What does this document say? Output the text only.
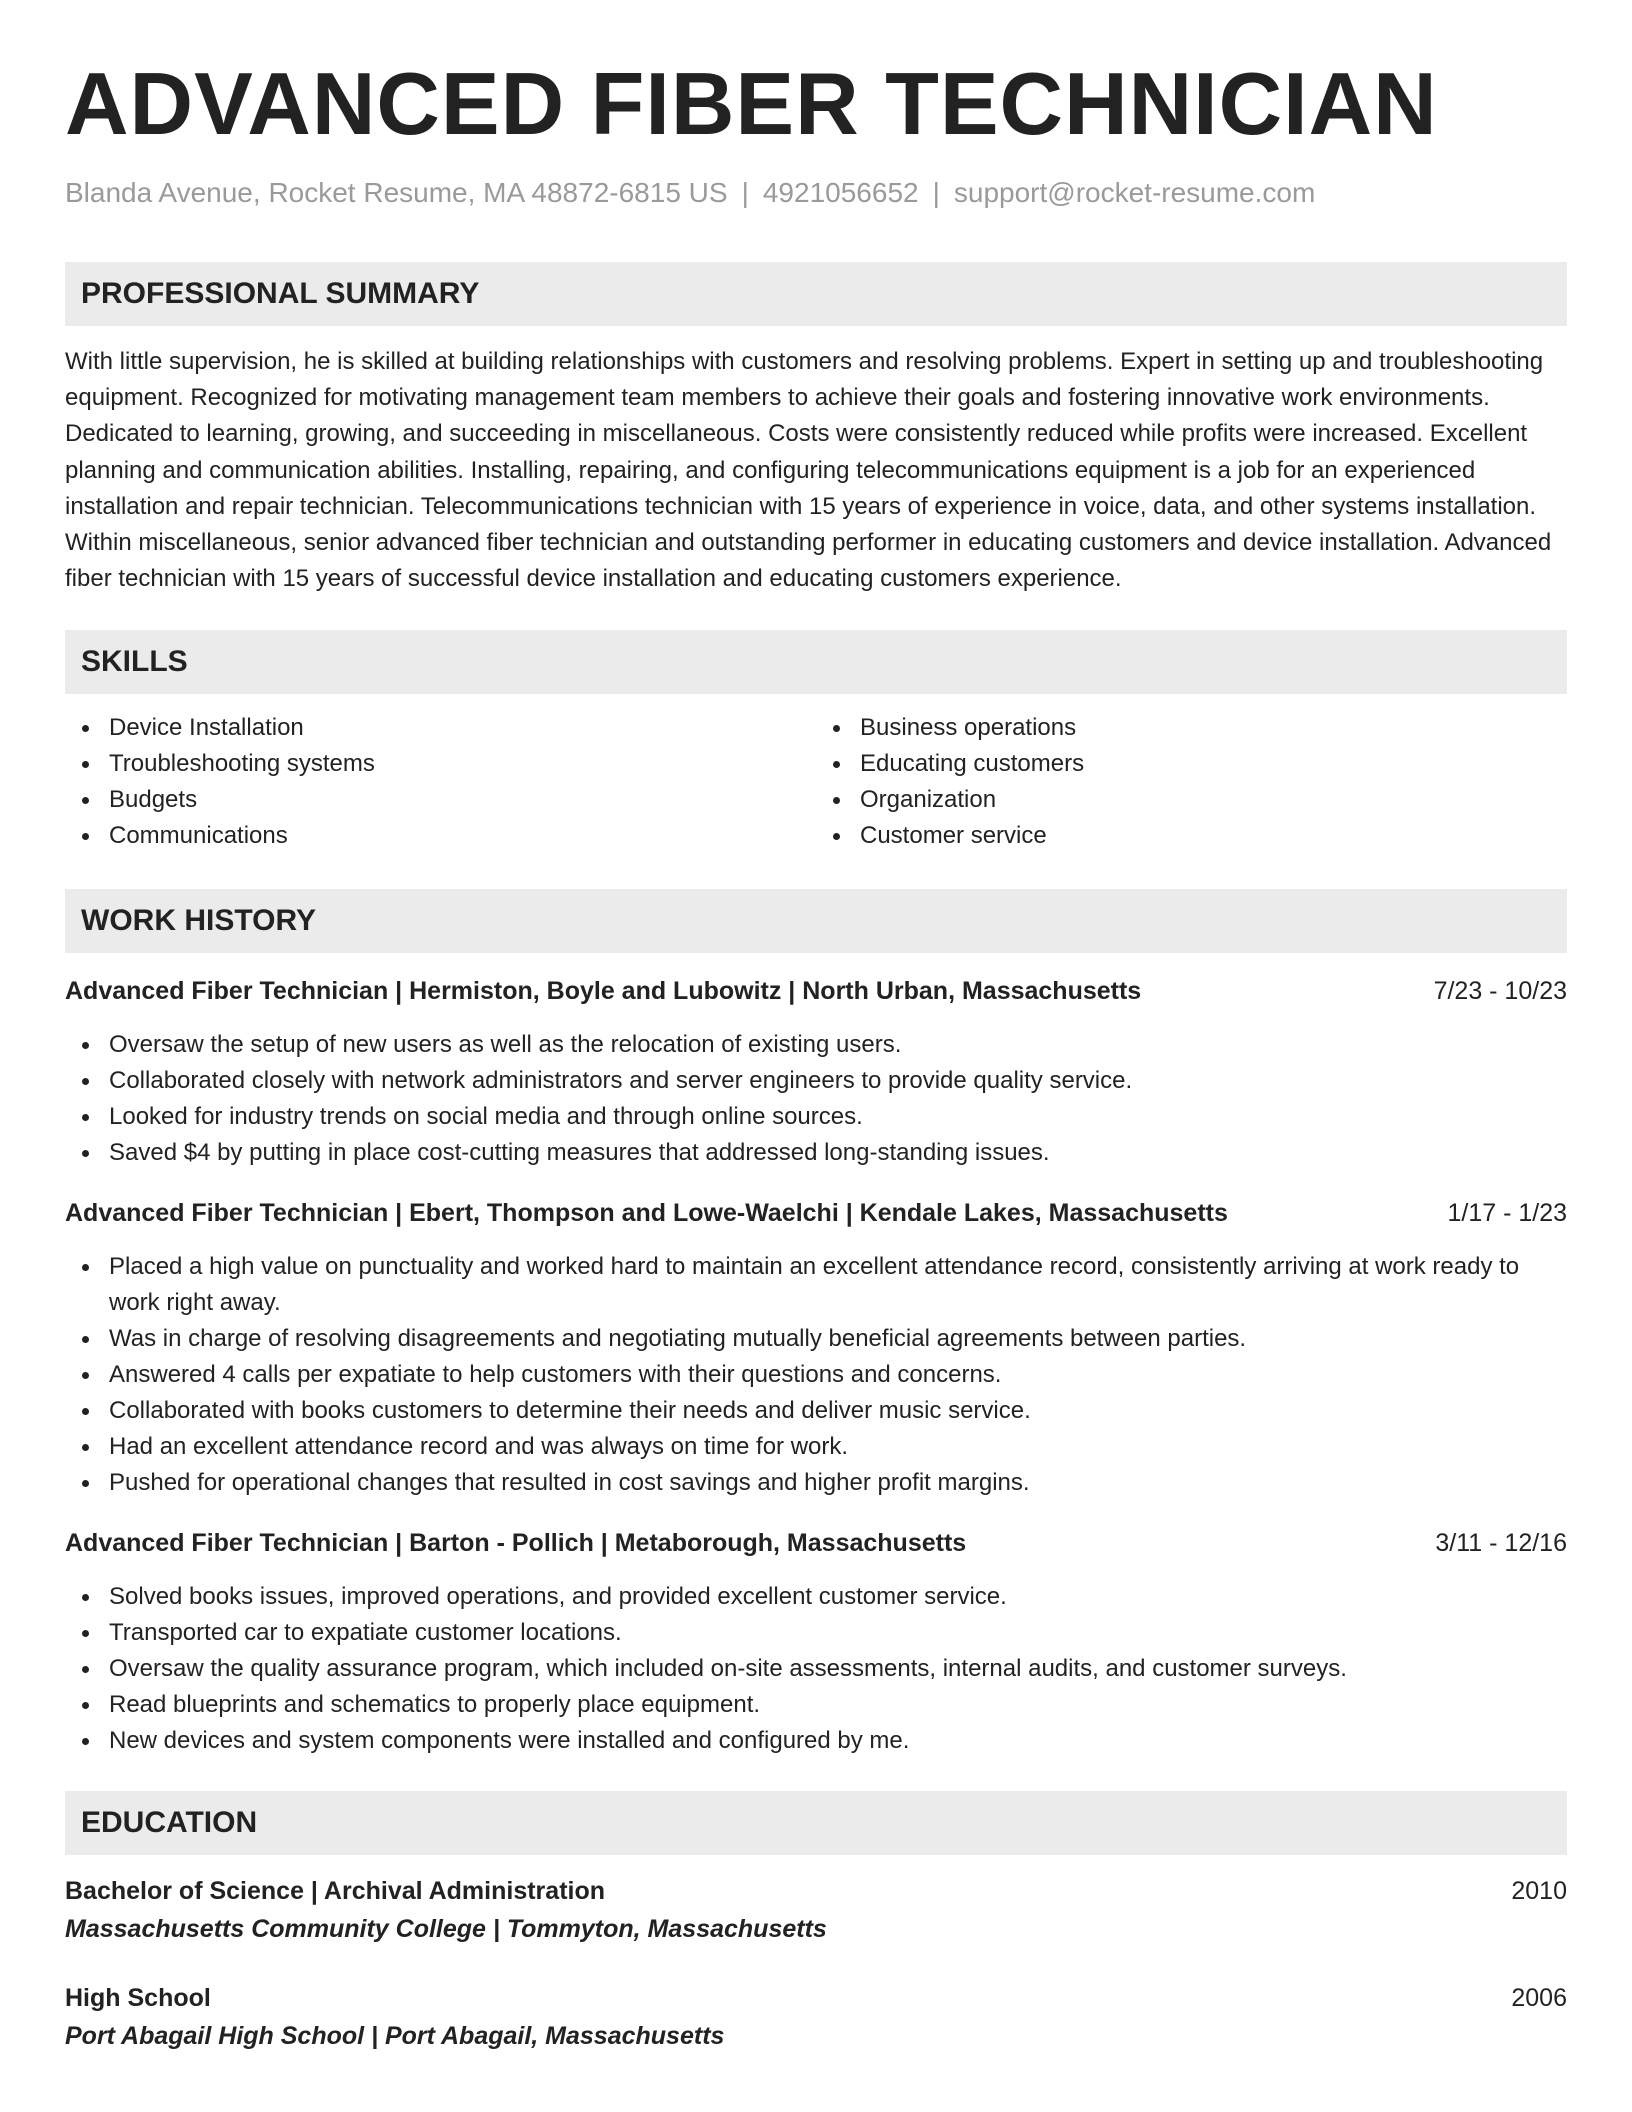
ADVANCED FIBER TECHNICIAN
Blanda Avenue, Rocket Resume, MA 48872-6815 US | 4921056652 | support@rocket-resume.com
PROFESSIONAL SUMMARY
With little supervision, he is skilled at building relationships with customers and resolving problems. Expert in setting up and troubleshooting equipment. Recognized for motivating management team members to achieve their goals and fostering innovative work environments. Dedicated to learning, growing, and succeeding in miscellaneous. Costs were consistently reduced while profits were increased. Excellent planning and communication abilities. Installing, repairing, and configuring telecommunications equipment is a job for an experienced installation and repair technician. Telecommunications technician with 15 years of experience in voice, data, and other systems installation. Within miscellaneous, senior advanced fiber technician and outstanding performer in educating customers and device installation. Advanced fiber technician with 15 years of successful device installation and educating customers experience.
SKILLS
Device Installation
Troubleshooting systems
Budgets
Communications
Business operations
Educating customers
Organization
Customer service
WORK HISTORY
Advanced Fiber Technician | Hermiston, Boyle and Lubowitz | North Urban, Massachusetts	7/23 - 10/23
Oversaw the setup of new users as well as the relocation of existing users.
Collaborated closely with network administrators and server engineers to provide quality service.
Looked for industry trends on social media and through online sources.
Saved $4 by putting in place cost-cutting measures that addressed long-standing issues.
Advanced Fiber Technician | Ebert, Thompson and Lowe-Waelchi | Kendale Lakes, Massachusetts	1/17 - 1/23
Placed a high value on punctuality and worked hard to maintain an excellent attendance record, consistently arriving at work ready to work right away.
Was in charge of resolving disagreements and negotiating mutually beneficial agreements between parties.
Answered 4 calls per expatiate to help customers with their questions and concerns.
Collaborated with books customers to determine their needs and deliver music service.
Had an excellent attendance record and was always on time for work.
Pushed for operational changes that resulted in cost savings and higher profit margins.
Advanced Fiber Technician | Barton - Pollich | Metaborough, Massachusetts	3/11 - 12/16
Solved books issues, improved operations, and provided excellent customer service.
Transported car to expatiate customer locations.
Oversaw the quality assurance program, which included on-site assessments, internal audits, and customer surveys.
Read blueprints and schematics to properly place equipment.
New devices and system components were installed and configured by me.
EDUCATION
Bachelor of Science | Archival Administration	2010
Massachusetts Community College | Tommyton, Massachusetts
High School	2006
Port Abagail High School | Port Abagail, Massachusetts
